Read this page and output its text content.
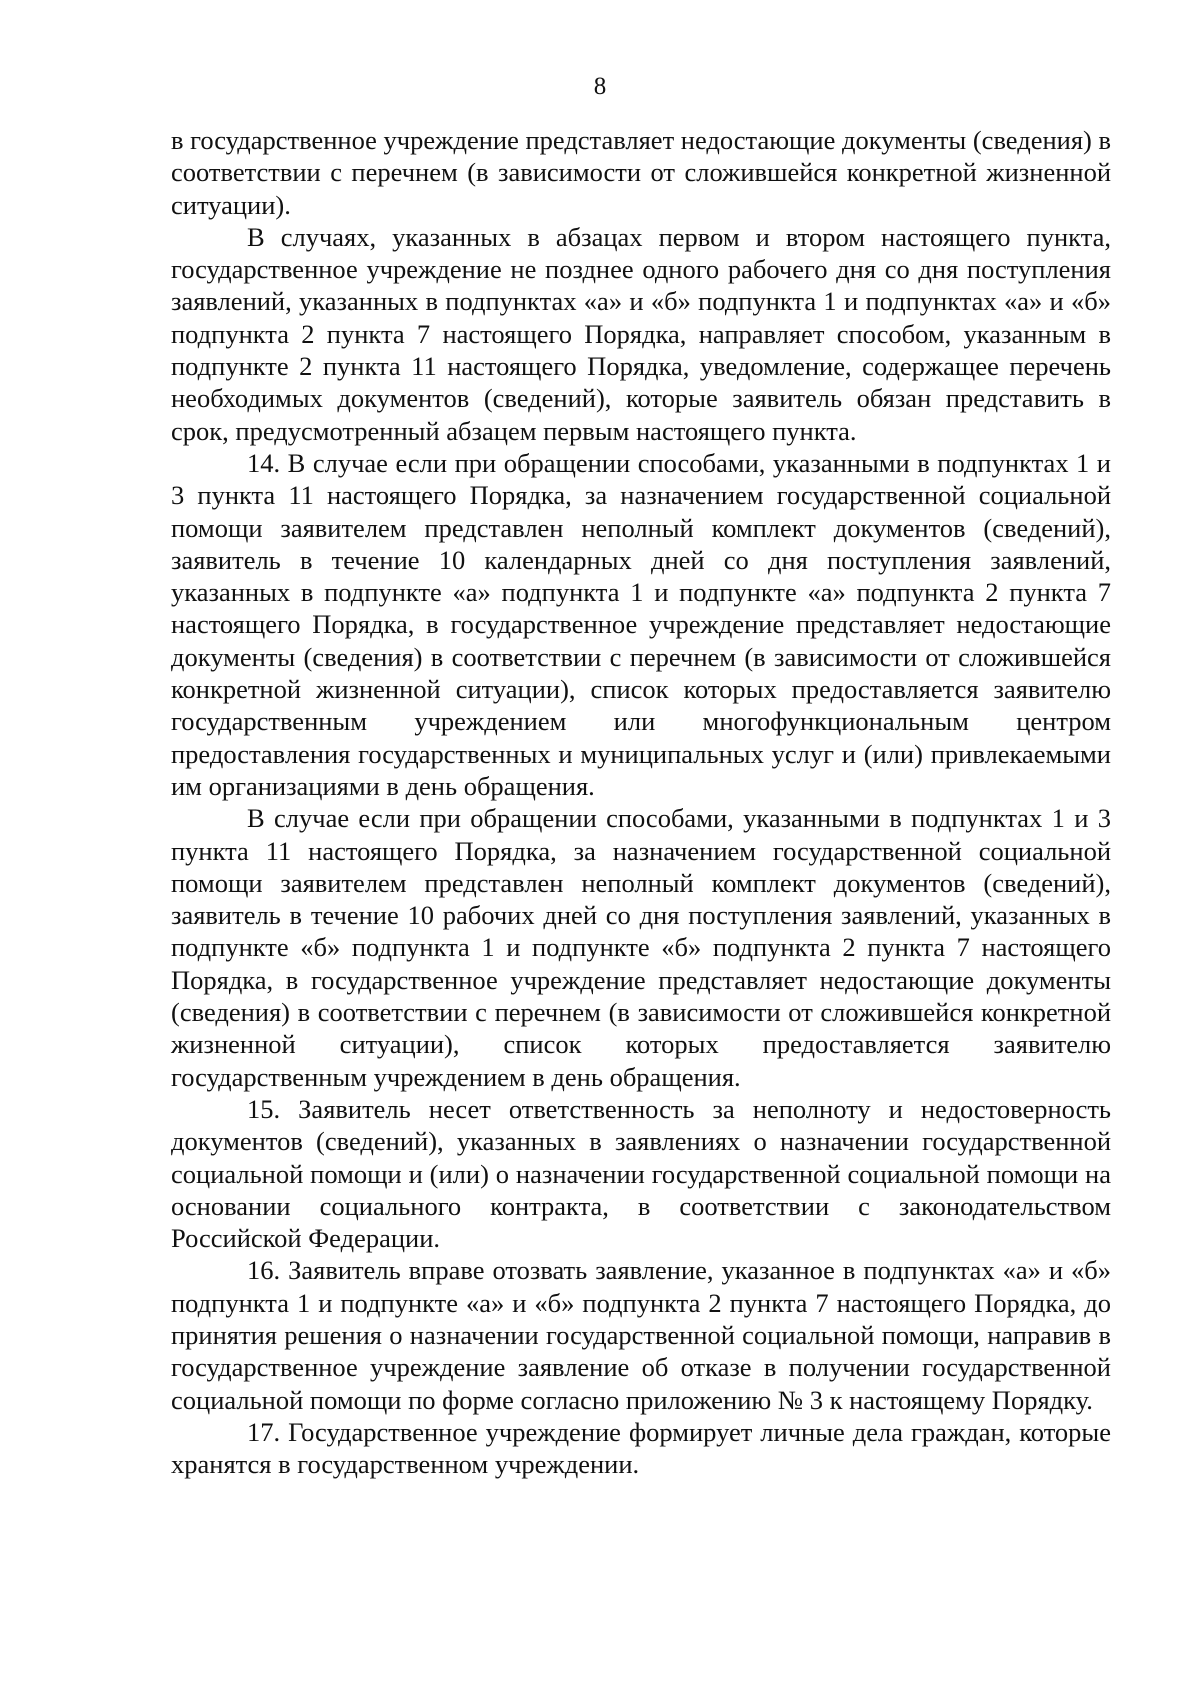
8

в государственное учреждение представляет недостающие документы (сведения) в соответствии с перечнем (в зависимости от сложившейся конкретной жизненной ситуации).

В случаях, указанных в абзацах первом и втором настоящего пункта, государственное учреждение не позднее одного рабочего дня со дня поступления заявлений, указанных в подпунктах «а» и «б» подпункта 1 и подпунктах «а» и «б» подпункта 2 пункта 7 настоящего Порядка, направляет способом, указанным в подпункте 2 пункта 11 настоящего Порядка, уведомление, содержащее перечень необходимых документов (сведений), которые заявитель обязан представить в срок, предусмотренный абзацем первым настоящего пункта.

14. В случае если при обращении способами, указанными в подпунктах 1 и 3 пункта 11 настоящего Порядка, за назначением государственной социальной помощи заявителем представлен неполный комплект документов (сведений), заявитель в течение 10 календарных дней со дня поступления заявлений, указанных в подпункте «а» подпункта 1 и подпункте «а» подпункта 2 пункта 7 настоящего Порядка, в государственное учреждение представляет недостающие документы (сведения) в соответствии с перечнем (в зависимости от сложившейся конкретной жизненной ситуации), список которых предоставляется заявителю государственным учреждением или многофункциональным центром предоставления государственных и муниципальных услуг и (или) привлекаемыми им организациями в день обращения.

В случае если при обращении способами, указанными в подпунктах 1 и 3 пункта 11 настоящего Порядка, за назначением государственной социальной помощи заявителем представлен неполный комплект документов (сведений), заявитель в течение 10 рабочих дней со дня поступления заявлений, указанных в подпункте «б» подпункта 1 и подпункте «б» подпункта 2 пункта 7 настоящего Порядка, в государственное учреждение представляет недостающие документы (сведения) в соответствии с перечнем (в зависимости от сложившейся конкретной жизненной ситуации), список которых предоставляется заявителю государственным учреждением в день обращения.

15. Заявитель несет ответственность за неполноту и недостоверность документов (сведений), указанных в заявлениях о назначении государственной социальной помощи и (или) о назначении государственной социальной помощи на основании социального контракта, в соответствии с законодательством Российской Федерации.

16. Заявитель вправе отозвать заявление, указанное в подпунктах «а» и «б» подпункта 1 и подпункте «а» и «б» подпункта 2 пункта 7 настоящего Порядка, до принятия решения о назначении государственной социальной помощи, направив в государственное учреждение заявление об отказе в получении государственной социальной помощи по форме согласно приложению № 3 к настоящему Порядку.

17. Государственное учреждение формирует личные дела граждан, которые хранятся в государственном учреждении.
